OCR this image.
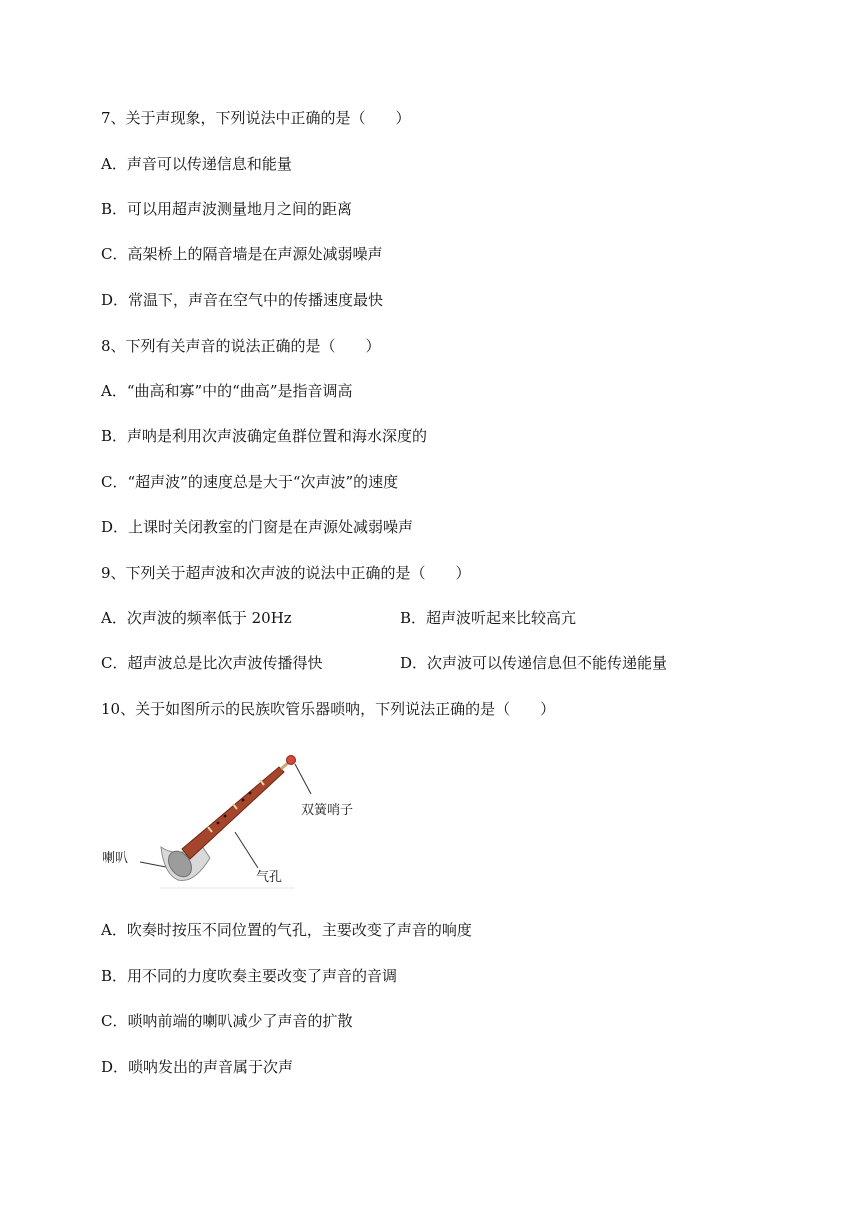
7、关于声现象，下列说法中正确的是（　　）
A．声音可以传递信息和能量
B．可以用超声波测量地月之间的距离
C．高架桥上的隔音墙是在声源处减弱噪声
D．常温下，声音在空气中的传播速度最快
8、下列有关声音的说法正确的是（　　）
A．“曲高和寡”中的“曲高”是指音调高
B．声呐是利用次声波确定鱼群位置和海水深度的
C．“超声波”的速度总是大于“次声波”的速度
D．上课时关闭教室的门窗是在声源处减弱噪声
9、下列关于超声波和次声波的说法中正确的是（　　）
A．次声波的频率低于 20Hz	B．超声波听起来比较高亢
C．超声波总是比次声波传播得快	D．次声波可以传递信息但不能传递能量
10、关于如图所示的民族吹管乐器唢呐，下列说法正确的是（　　）
双簧哨子
喇叭
气孔
A．吹奏时按压不同位置的气孔，主要改变了声音的响度
B．用不同的力度吹奏主要改变了声音的音调
C．唢呐前端的喇叭减少了声音的扩散
D．唢呐发出的声音属于次声
